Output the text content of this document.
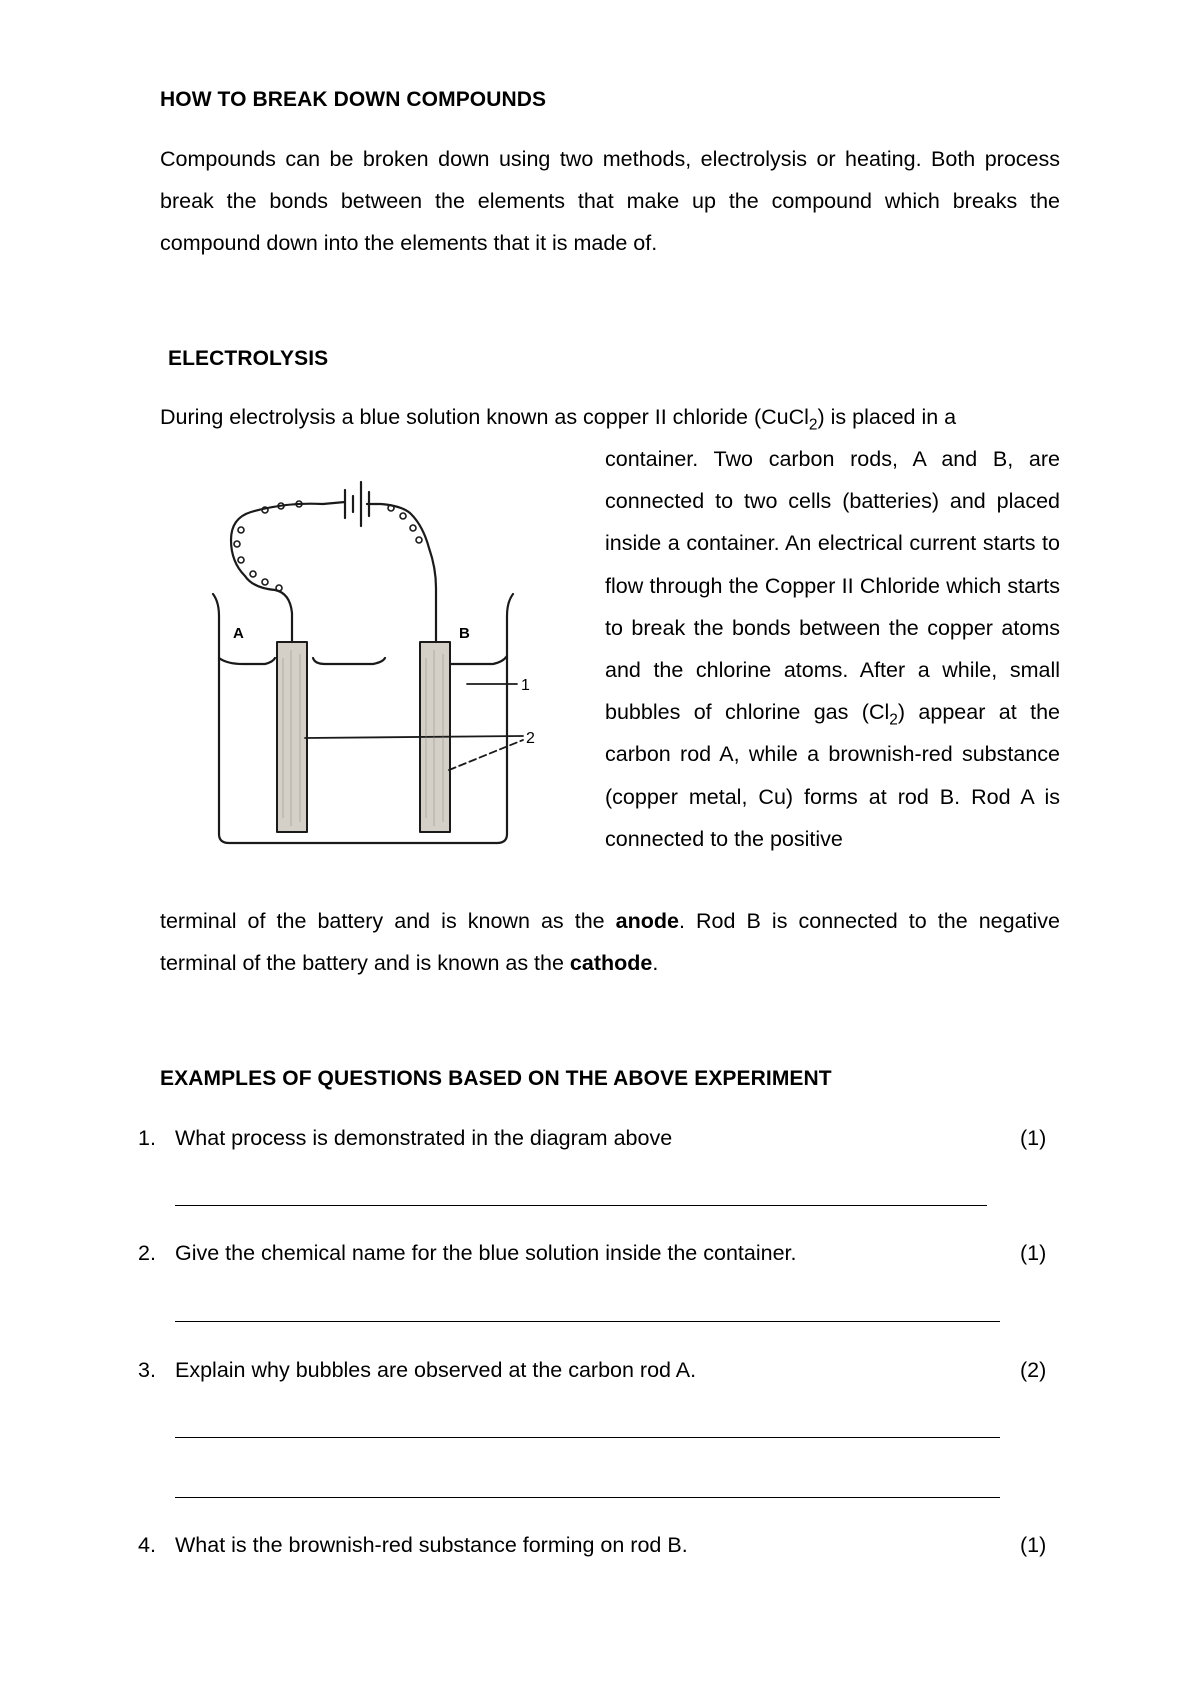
HOW TO BREAK DOWN COMPOUNDS

Compounds can be broken down using two methods, electrolysis or heating. Both process break the bonds between the elements that make up the compound which breaks the compound down into the elements that it is made of.

ELECTROLYSIS

During electrolysis a blue solution known as copper II chloride (CuCl$_2$) is placed in a

container. Two carbon rods, A and B, are connected to two cells (batteries) and placed inside a container. An electrical current starts to flow through the Copper II Chloride which starts to break the bonds between the copper atoms and the chlorine atoms. After a while, small bubbles of chlorine gas $(Cl_2)$ appear at the carbon rod A, while a brownish-red substance (copper metal, Cu) forms at rod B. Rod A is connected to the positive

terminal of the battery and is known as the anode. Rod B is connected to the negative terminal of the battery and is known as the cathode.

A	B
1
2
EXAMPLES OF QUESTIONS BASED ON THE ABOVE EXPERIMENT
1. What process is demonstrated in the diagram above	(1)
2. Give the chemical name for the blue solution inside the container.	(1)
3. Explain why bubbles are observed at the carbon rod A.	(2)
4. What is the brownish-red substance forming on rod B.	(1)
